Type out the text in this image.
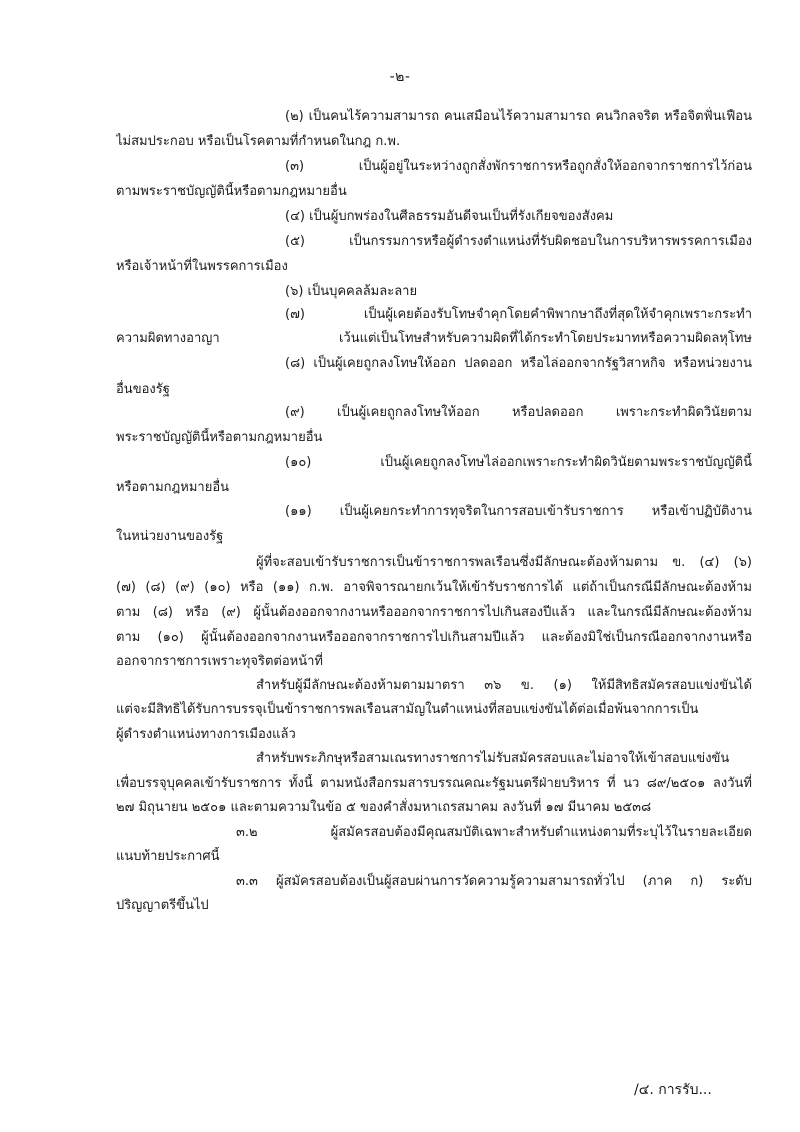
-๒-
(๒) เป็นคนไร้ความสามารถ คนเสมือนไร้ความสามารถ คนวิกลจริต หรือจิตฟั่นเฟือน
ไม่สมประกอบ หรือเป็นโรคตามที่กำหนดในกฎ ก.พ.
(๓) เป็นผู้อยู่ในระหว่างถูกสั่งพักราชการหรือถูกสั่งให้ออกจากราชการไว้ก่อน
ตามพระราชบัญญัตินี้หรือตามกฎหมายอื่น
(๔) เป็นผู้บกพร่องในศีลธรรมอันดีจนเป็นที่รังเกียจของสังคม
(๕) เป็นกรรมการหรือผู้ดำรงตำแหน่งที่รับผิดชอบในการบริหารพรรคการเมือง
หรือเจ้าหน้าที่ในพรรคการเมือง
(๖) เป็นบุคคลล้มละลาย
(๗) เป็นผู้เคยต้องรับโทษจำคุกโดยคำพิพากษาถึงที่สุดให้จำคุกเพราะกระทำ
ความผิดทางอาญา เว้นแต่เป็นโทษสำหรับความผิดที่ได้กระทำโดยประมาทหรือความผิดลหุโทษ
(๘) เป็นผู้เคยถูกลงโทษให้ออก ปลดออก หรือไล่ออกจากรัฐวิสาหกิจ หรือหน่วยงาน
อื่นของรัฐ
(๙) เป็นผู้เคยถูกลงโทษให้ออก หรือปลดออก เพราะกระทำผิดวินัยตาม
พระราชบัญญัตินี้หรือตามกฎหมายอื่น
(๑๐) เป็นผู้เคยถูกลงโทษไล่ออกเพราะกระทำผิดวินัยตามพระราชบัญญัตินี้
หรือตามกฎหมายอื่น
(๑๑) เป็นผู้เคยกระทำการทุจริตในการสอบเข้ารับราชการ หรือเข้าปฏิบัติงาน
ในหน่วยงานของรัฐ
ผู้ที่จะสอบเข้ารับราชการเป็นข้าราชการพลเรือนซึ่งมีลักษณะต้องห้ามตาม ข. (๔) (๖)
(๗) (๘) (๙) (๑๐) หรือ (๑๑) ก.พ. อาจพิจารณายกเว้นให้เข้ารับราชการได้ แต่ถ้าเป็นกรณีมีลักษณะต้องห้าม
ตาม (๘) หรือ (๙) ผู้นั้นต้องออกจากงานหรือออกจากราชการไปเกินสองปีแล้ว และในกรณีมีลักษณะต้องห้าม
ตาม (๑๐) ผู้นั้นต้องออกจากงานหรือออกจากราชการไปเกินสามปีแล้ว และต้องมิใช่เป็นกรณีออกจากงานหรือ
ออกจากราชการเพราะทุจริตต่อหน้าที่
สำหรับผู้มีลักษณะต้องห้ามตามมาตรา ๓๖ ข. (๑) ให้มีสิทธิสมัครสอบแข่งขันได้
แต่จะมีสิทธิได้รับการบรรจุเป็นข้าราชการพลเรือนสามัญในตำแหน่งที่สอบแข่งขันได้ต่อเมื่อพ้นจากการเป็น
ผู้ดำรงตำแหน่งทางการเมืองแล้ว
สำหรับพระภิกษุหรือสามเณรทางราชการไม่รับสมัครสอบและไม่อาจให้เข้าสอบแข่งขัน
เพื่อบรรจุบุคคลเข้ารับราชการ ทั้งนี้ ตามหนังสือกรมสารบรรณคณะรัฐมนตรีฝ่ายบริหาร ที่ นว ๘๙/๒๕๐๑ ลงวันที่
๒๗ มิถุนายน ๒๕๐๑ และตามความในข้อ ๕ ของคำสั่งมหาเถรสมาคม ลงวันที่ ๑๗ มีนาคม ๒๕๓๘
๓.๒ ผู้สมัครสอบต้องมีคุณสมบัติเฉพาะสำหรับตำแหน่งตามที่ระบุไว้ในรายละเอียด
แนบท้ายประกาศนี้
๓.๓ ผู้สมัครสอบต้องเป็นผู้สอบผ่านการวัดความรู้ความสามารถทั่วไป (ภาค ก) ระดับ
ปริญญาตรีขึ้นไป
/๔. การรับ...
